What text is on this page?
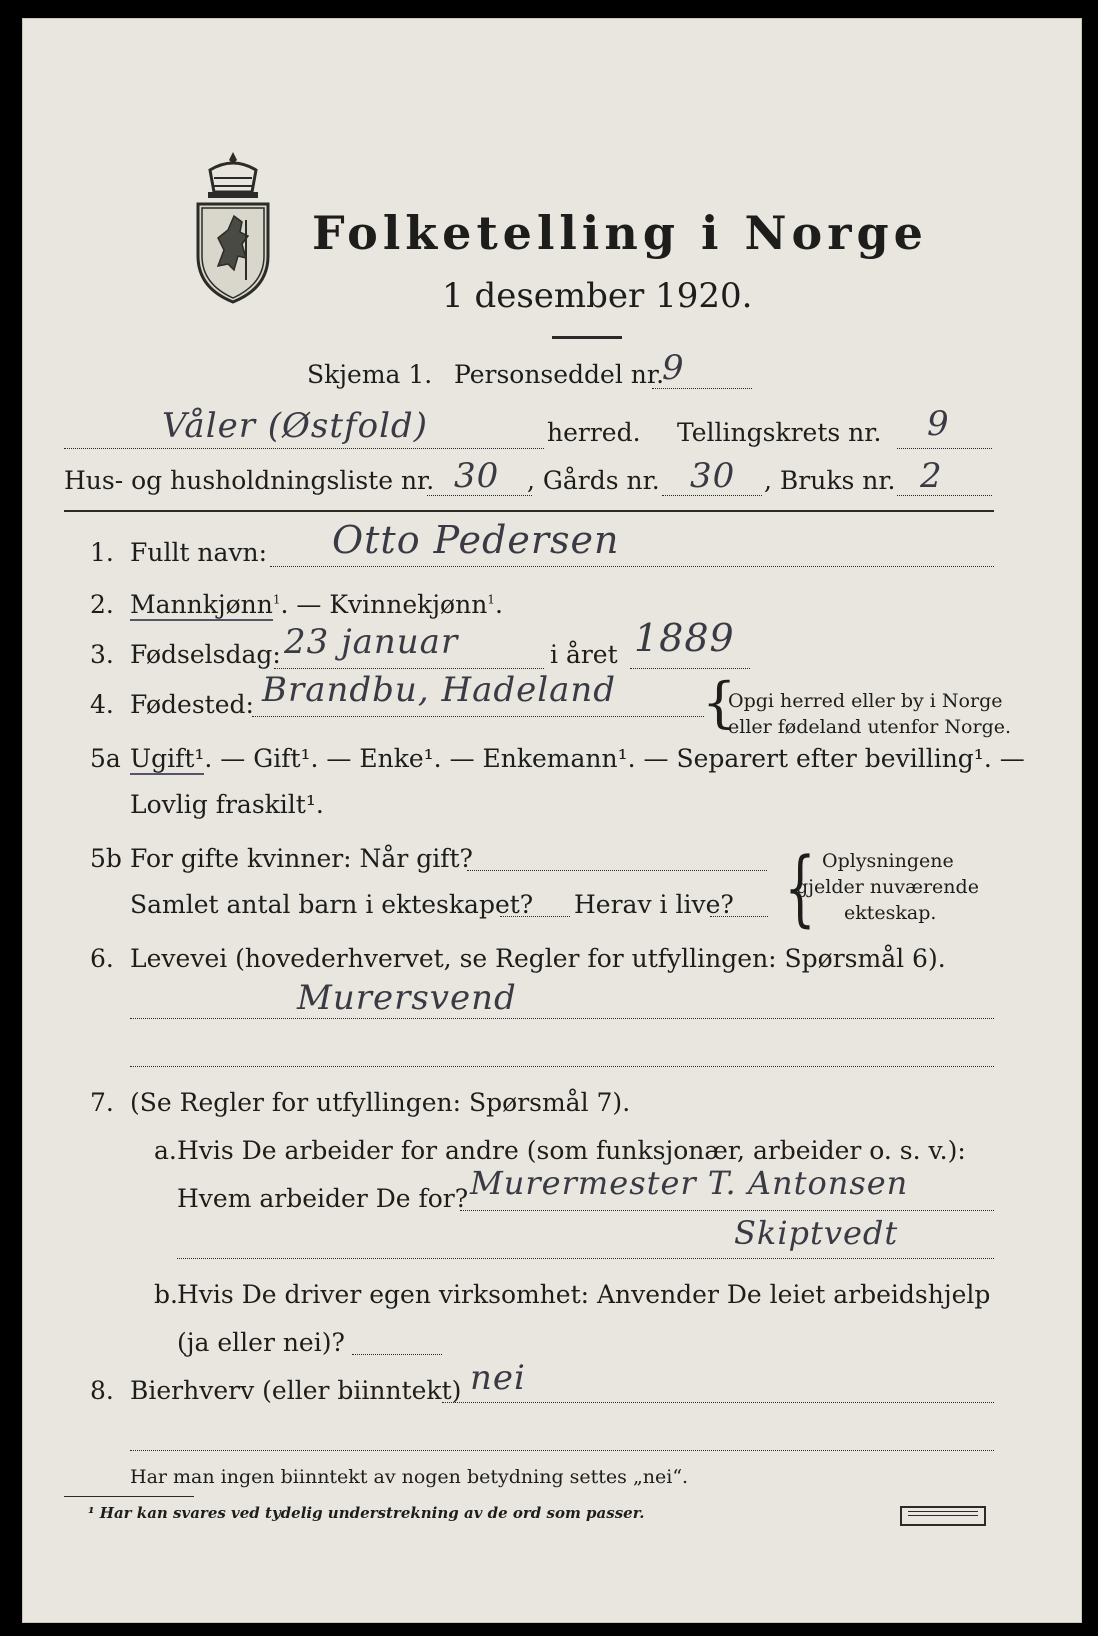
Folketelling i Norge
1 desember 1920.
Skjema 1. Personseddel nr.
9
Våler (Østfold)	herred. Tellingskrets nr. 9
Hus- og husholdningsliste nr. 30 , Gårds nr. 30 , Bruks nr. 2
1. Fullt navn: Otto Pedersen
2. Mannkjønn$^1$. — Kvinnekjønn$^1$.
3. Fødselsdag: 23 januar	i året 1889
4. Fødested: Brandbu, Hadeland {
Opgi herred eller by i Norge
eller fødeland utenfor Norge.
5a Ugift¹. — Gift¹. — Enke¹. — Enkemann¹. — Separert efter bevilling¹. —
Lovlig fraskilt¹.
5b For gifte kvinner: Når gift?
Samlet antal barn i ekteskapet? Herav i live? { Oplysningene
gjelder nuværende
ekteskap.
6. Levevei (hovederhvervet, se Regler for utfyllingen: Spørsmål 6).
Murersvend
7. (Se Regler for utfyllingen: Spørsmål 7).
a. Hvis De arbeider for andre (som funksjonær, arbeider o. s. v.):
Hvem arbeider De for? Murermester T. Antonsen
Skiptvedt
b. Hvis De driver egen virksomhet: Anvender De leiet arbeidshjelp
(ja eller nei)?
8. Bierhverv (eller biinntekt) nei
Har man ingen biinntekt av nogen betydning settes „nei“.
¹ Har kan svares ved tydelig understrekning av de ord som passer.
